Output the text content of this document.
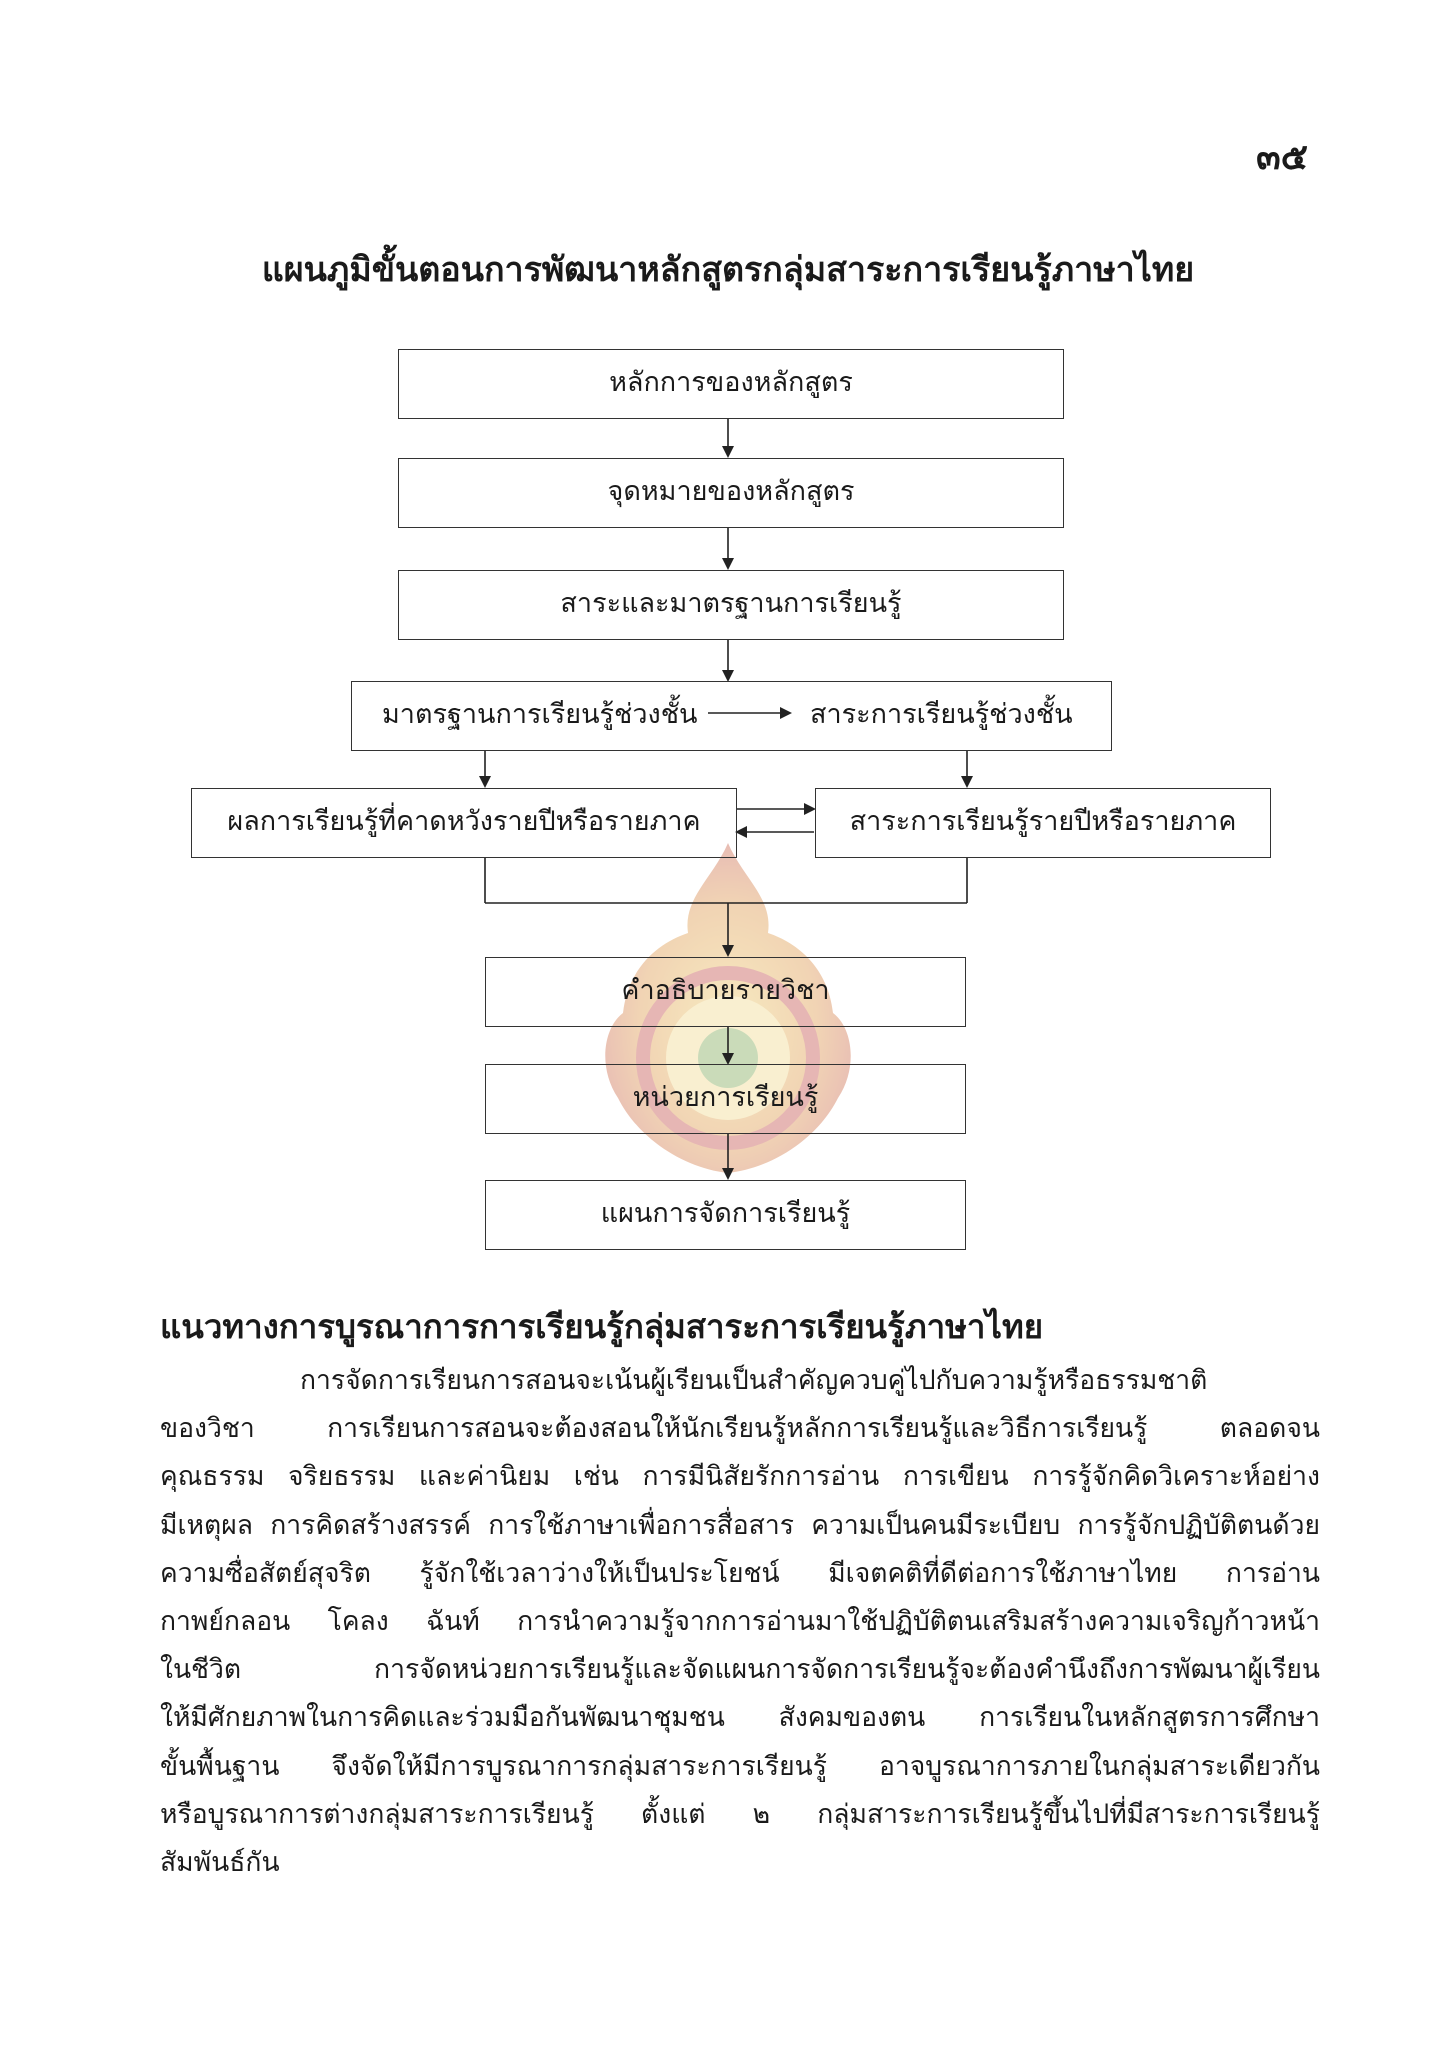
๓๕
แผนภูมิขั้นตอนการพัฒนาหลักสูตรกลุ่มสาระการเรียนรู้ภาษาไทย
หลักการของหลักสูตร
จุดหมายของหลักสูตร
สาระและมาตรฐานการเรียนรู้
มาตรฐานการเรียนรู้ช่วงชั้น	สาระการเรียนรู้ช่วงชั้น
ผลการเรียนรู้ที่คาดหวังรายปีหรือรายภาค	สาระการเรียนรู้รายปีหรือรายภาค
คำอธิบายรายวิชา
หน่วยการเรียนรู้
แผนการจัดการเรียนรู้
แนวทางการบูรณาการการเรียนรู้กลุ่มสาระการเรียนรู้ภาษาไทย
การจัดการเรียนการสอนจะเน้นผู้เรียนเป็นสำคัญควบคู่ไปกับความรู้หรือธรรมชาติ
ของวิชา การเรียนการสอนจะต้องสอนให้นักเรียนรู้หลักการเรียนรู้และวิธีการเรียนรู้ ตลอดจน
คุณธรรม จริยธรรม และค่านิยม เช่น การมีนิสัยรักการอ่าน การเขียน การรู้จักคิดวิเคราะห์อย่าง
มีเหตุผล การคิดสร้างสรรค์ การใช้ภาษาเพื่อการสื่อสาร ความเป็นคนมีระเบียบ การรู้จักปฏิบัติตนด้วย
ความซื่อสัตย์สุจริต รู้จักใช้เวลาว่างให้เป็นประโยชน์ มีเจตคติที่ดีต่อการใช้ภาษาไทย การอ่าน
กาพย์กลอน โคลง ฉันท์ การนำความรู้จากการอ่านมาใช้ปฏิบัติตนเสริมสร้างความเจริญก้าวหน้า
ในชีวิต การจัดหน่วยการเรียนรู้และจัดแผนการจัดการเรียนรู้จะต้องคำนึงถึงการพัฒนาผู้เรียน
ให้มีศักยภาพในการคิดและร่วมมือกันพัฒนาชุมชน สังคมของตน การเรียนในหลักสูตรการศึกษา
ขั้นพื้นฐาน จึงจัดให้มีการบูรณาการกลุ่มสาระการเรียนรู้ อาจบูรณาการภายในกลุ่มสาระเดียวกัน
หรือบูรณาการต่างกลุ่มสาระการเรียนรู้ ตั้งแต่ ๒ กลุ่มสาระการเรียนรู้ขึ้นไปที่มีสาระการเรียนรู้
สัมพันธ์กัน
